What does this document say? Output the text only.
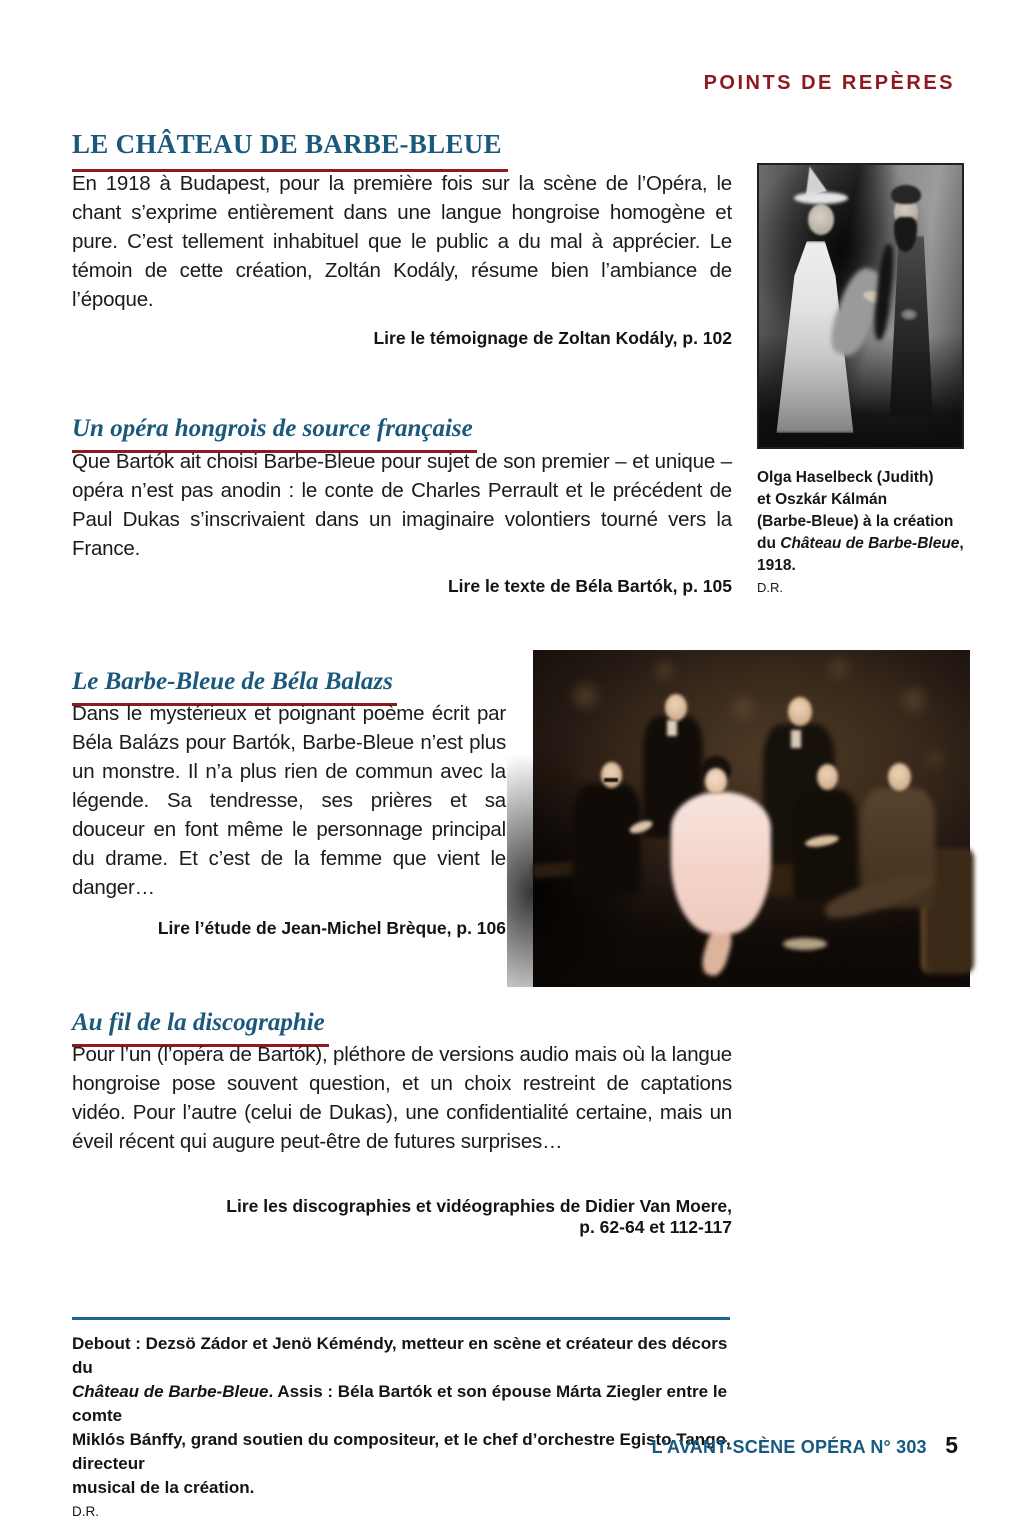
POINTS DE REPÈRES
LE CHÂTEAU DE BARBE-BLEUE

En 1918 à Budapest, pour la première fois sur la scène de l’Opéra, le chant s’exprime entièrement dans une langue hongroise homogène et pure. C’est tellement inhabituel que le public a du mal à apprécier. Le témoin de cette création, Zoltán Kodály, résume bien l’ambiance de l’époque.

Lire le témoignage de Zoltan Kodály, p. 102

Olga Haselbeck (Judith)
et Oszkár Kálmán
(Barbe-Bleue) à la création
du Château de Barbe-Bleue,
1918.
D.R.
Un opéra hongrois de source française

Que Bartók ait choisi Barbe-Bleue pour sujet de son premier – et unique – opéra n’est pas anodin : le conte de Charles Perrault et le précédent de Paul Dukas s’inscrivaient dans un imaginaire volontiers tourné vers la France.

Lire le texte de Béla Bartók, p. 105

Le Barbe-Bleue de Béla Balazs

Dans le mystérieux et poignant poème écrit par Béla Balázs pour Bartók, Barbe-Bleue n’est plus un monstre. Il n’a plus rien de commun avec la légende. Sa tendresse, ses prières et sa douceur en font même le personnage principal du drame. Et c’est de la femme que vient le danger…

Lire l’étude de Jean-Michel Brèque, p. 106

Au fil de la discographie

Pour l’un (l’opéra de Bartók), pléthore de versions audio mais où la langue hongroise pose souvent question, et un choix restreint de captations vidéo. Pour l’autre (celui de Dukas), une confidentialité certaine, mais un éveil récent qui augure peut-être de futures surprises…

Lire les discographies et vidéographies de Didier Van Moere,
p. 62-64 et 112-117

Debout : Dezsö Zádor et Jenö Kéméndy, metteur en scène et créateur des décors du
Château de Barbe-Bleue. Assis : Béla Bartók et son épouse Márta Ziegler entre le comte
Miklós Bánffy, grand soutien du compositeur, et le chef d’orchestre Egisto Tango, directeur
musical de la création.
D.R.
L’AVANT-SCÈNE OPÉRA N° 303 5
